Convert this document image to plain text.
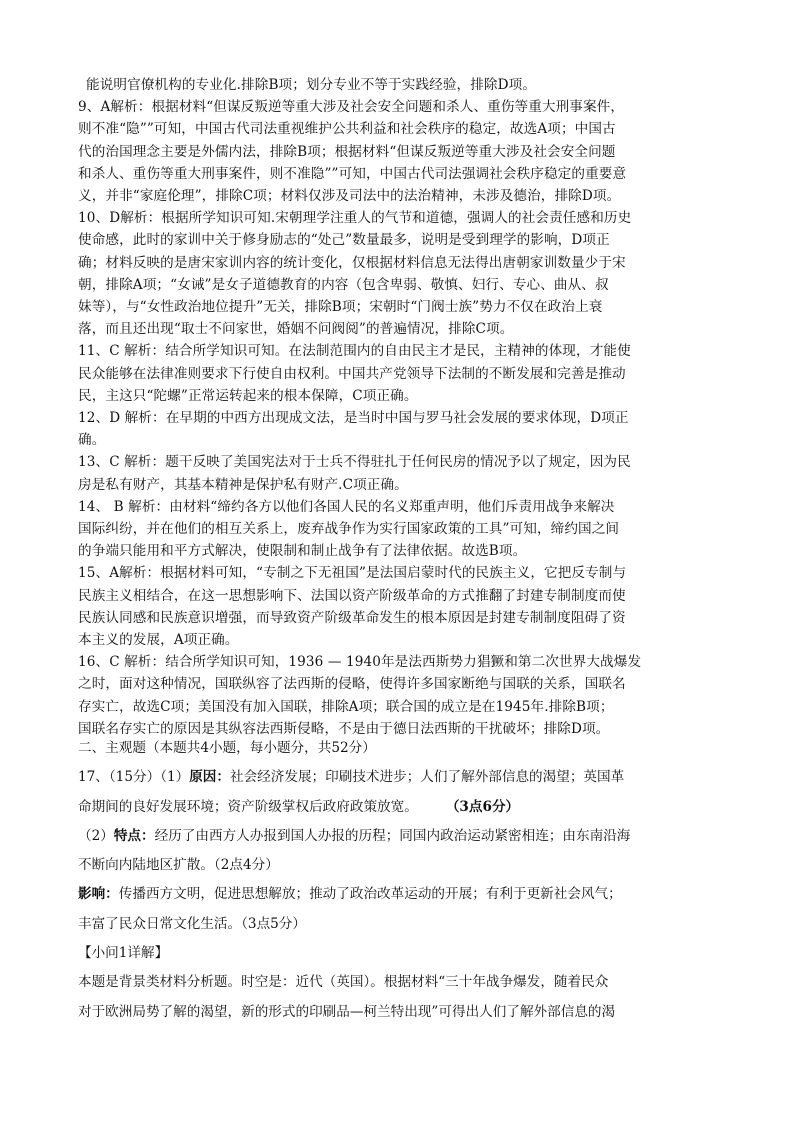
能说明官僚机构的专业化.排除B项；划分专业不等于实践经验，排除D项。

9、A解析：根据材料“但谋反叛逆等重大涉及社会安全问题和杀人、重伤等重大刑事案件，

则不准“隐””可知，中国古代司法重视维护公共利益和社会秩序的稳定，故选A项；中国古

代的治国理念主要是外儒内法，排除B项；根据材料“但谋反叛逆等重大涉及社会安全问题

和杀人、重伤等重大刑事案件，则不准隐””可知，中国古代司法强调社会秩序稳定的重要意

义，并非“家庭伦理”，排除C项；材料仅涉及司法中的法治精神，未涉及德治，排除D项。

10、D解析：根据所学知识可知.宋朝理学注重人的气节和道德，强调人的社会责任感和历史

使命感，此时的家训中关于修身励志的“处己”数量最多，说明是受到理学的影响，D项正

确；材料反映的是唐宋家训内容的统计变化，仅根据材料信息无法得出唐朝家训数量少于宋

朝，排除A项；“女诫”是女子道德教育的内容（包含卑弱、敬慎、妇行、专心、曲从、叔

妹等），与“女性政治地位提升”无关，排除B项；宋朝时“门阀士族”势力不仅在政治上衰

落，而且还出现“取士不问家世，婚姻不问阀阅”的普遍情况，排除C项。

11、C 解析：结合所学知识可知。在法制范围内的自由民主才是民，主精神的体现，才能使

民众能够在法律准则要求下行使自由权利。中国共产党领导下法制的不断发展和完善是推动

民，主这只“陀螺”正常运转起来的根本保障，C项正确。

12、D 解析：在早期的中西方出现成文法，是当时中国与罗马社会发展的要求体现，D项正

确。

13、C 解析：题干反映了美国宪法对于士兵不得驻扎于任何民房的情况予以了规定，因为民

房是私有财产，其基本精神是保护私有财产.C项正确。

14、 B 解析：由材料“缔约各方以他们各国人民的名义郑重声明，他们斥责用战争来解决

国际纠纷，并在他们的相互关系上，废弃战争作为实行国家政策的工具”可知，缔约国之间

的争端只能用和平方式解决，使限制和制止战争有了法律依据。故选B项。

15、A解析：根据材料可知，“专制之下无祖国”是法国启蒙时代的民族主义，它把反专制与

民族主义相结合，在这一思想影响下、法国以资产阶级革命的方式推翻了封建专制制度而使

民族认同感和民族意识增强，而导致资产阶级革命发生的根本原因是封建专制制度阻碍了资

本主义的发展，A项正确。

16、C 解析：结合所学知识可知，1936 — 1940年是法西斯势力猖獗和第二次世界大战爆发

之时，面对这种情况，国联纵容了法西斯的侵略，使得许多国家断绝与国联的关系，国联名

存实亡，故选C项；美国没有加入国联，排除A项；联合国的成立是在1945年.排除B项；

国联名存实亡的原因是其纵容法西斯侵略，不是由于德日法西斯的干扰破坏；排除D项。

二、主观题（本题共4小题，每小题分，共52分）

17、（15分）（1）原因：社会经济发展；印刷技术进步；人们了解外部信息的渴望；英国革

命期间的良好发展环境；资产阶级掌权后政府政策放宽。 （3点6分）

（2）特点：经历了由西方人办报到国人办报的历程；同国内政治运动紧密相连；由东南沿海

不断向内陆地区扩散。（2点4分）

影响：传播西方文明，促进思想解放；推动了政治改革运动的开展；有利于更新社会风气；

丰富了民众日常文化生活。（3点5分）

【小问1详解】

本题是背景类材料分析题。时空是：近代（英国）。根据材料“三十年战争爆发，随着民众

对于欧洲局势了解的渴望，新的形式的印刷品—柯兰特出现”可得出人们了解外部信息的渴
